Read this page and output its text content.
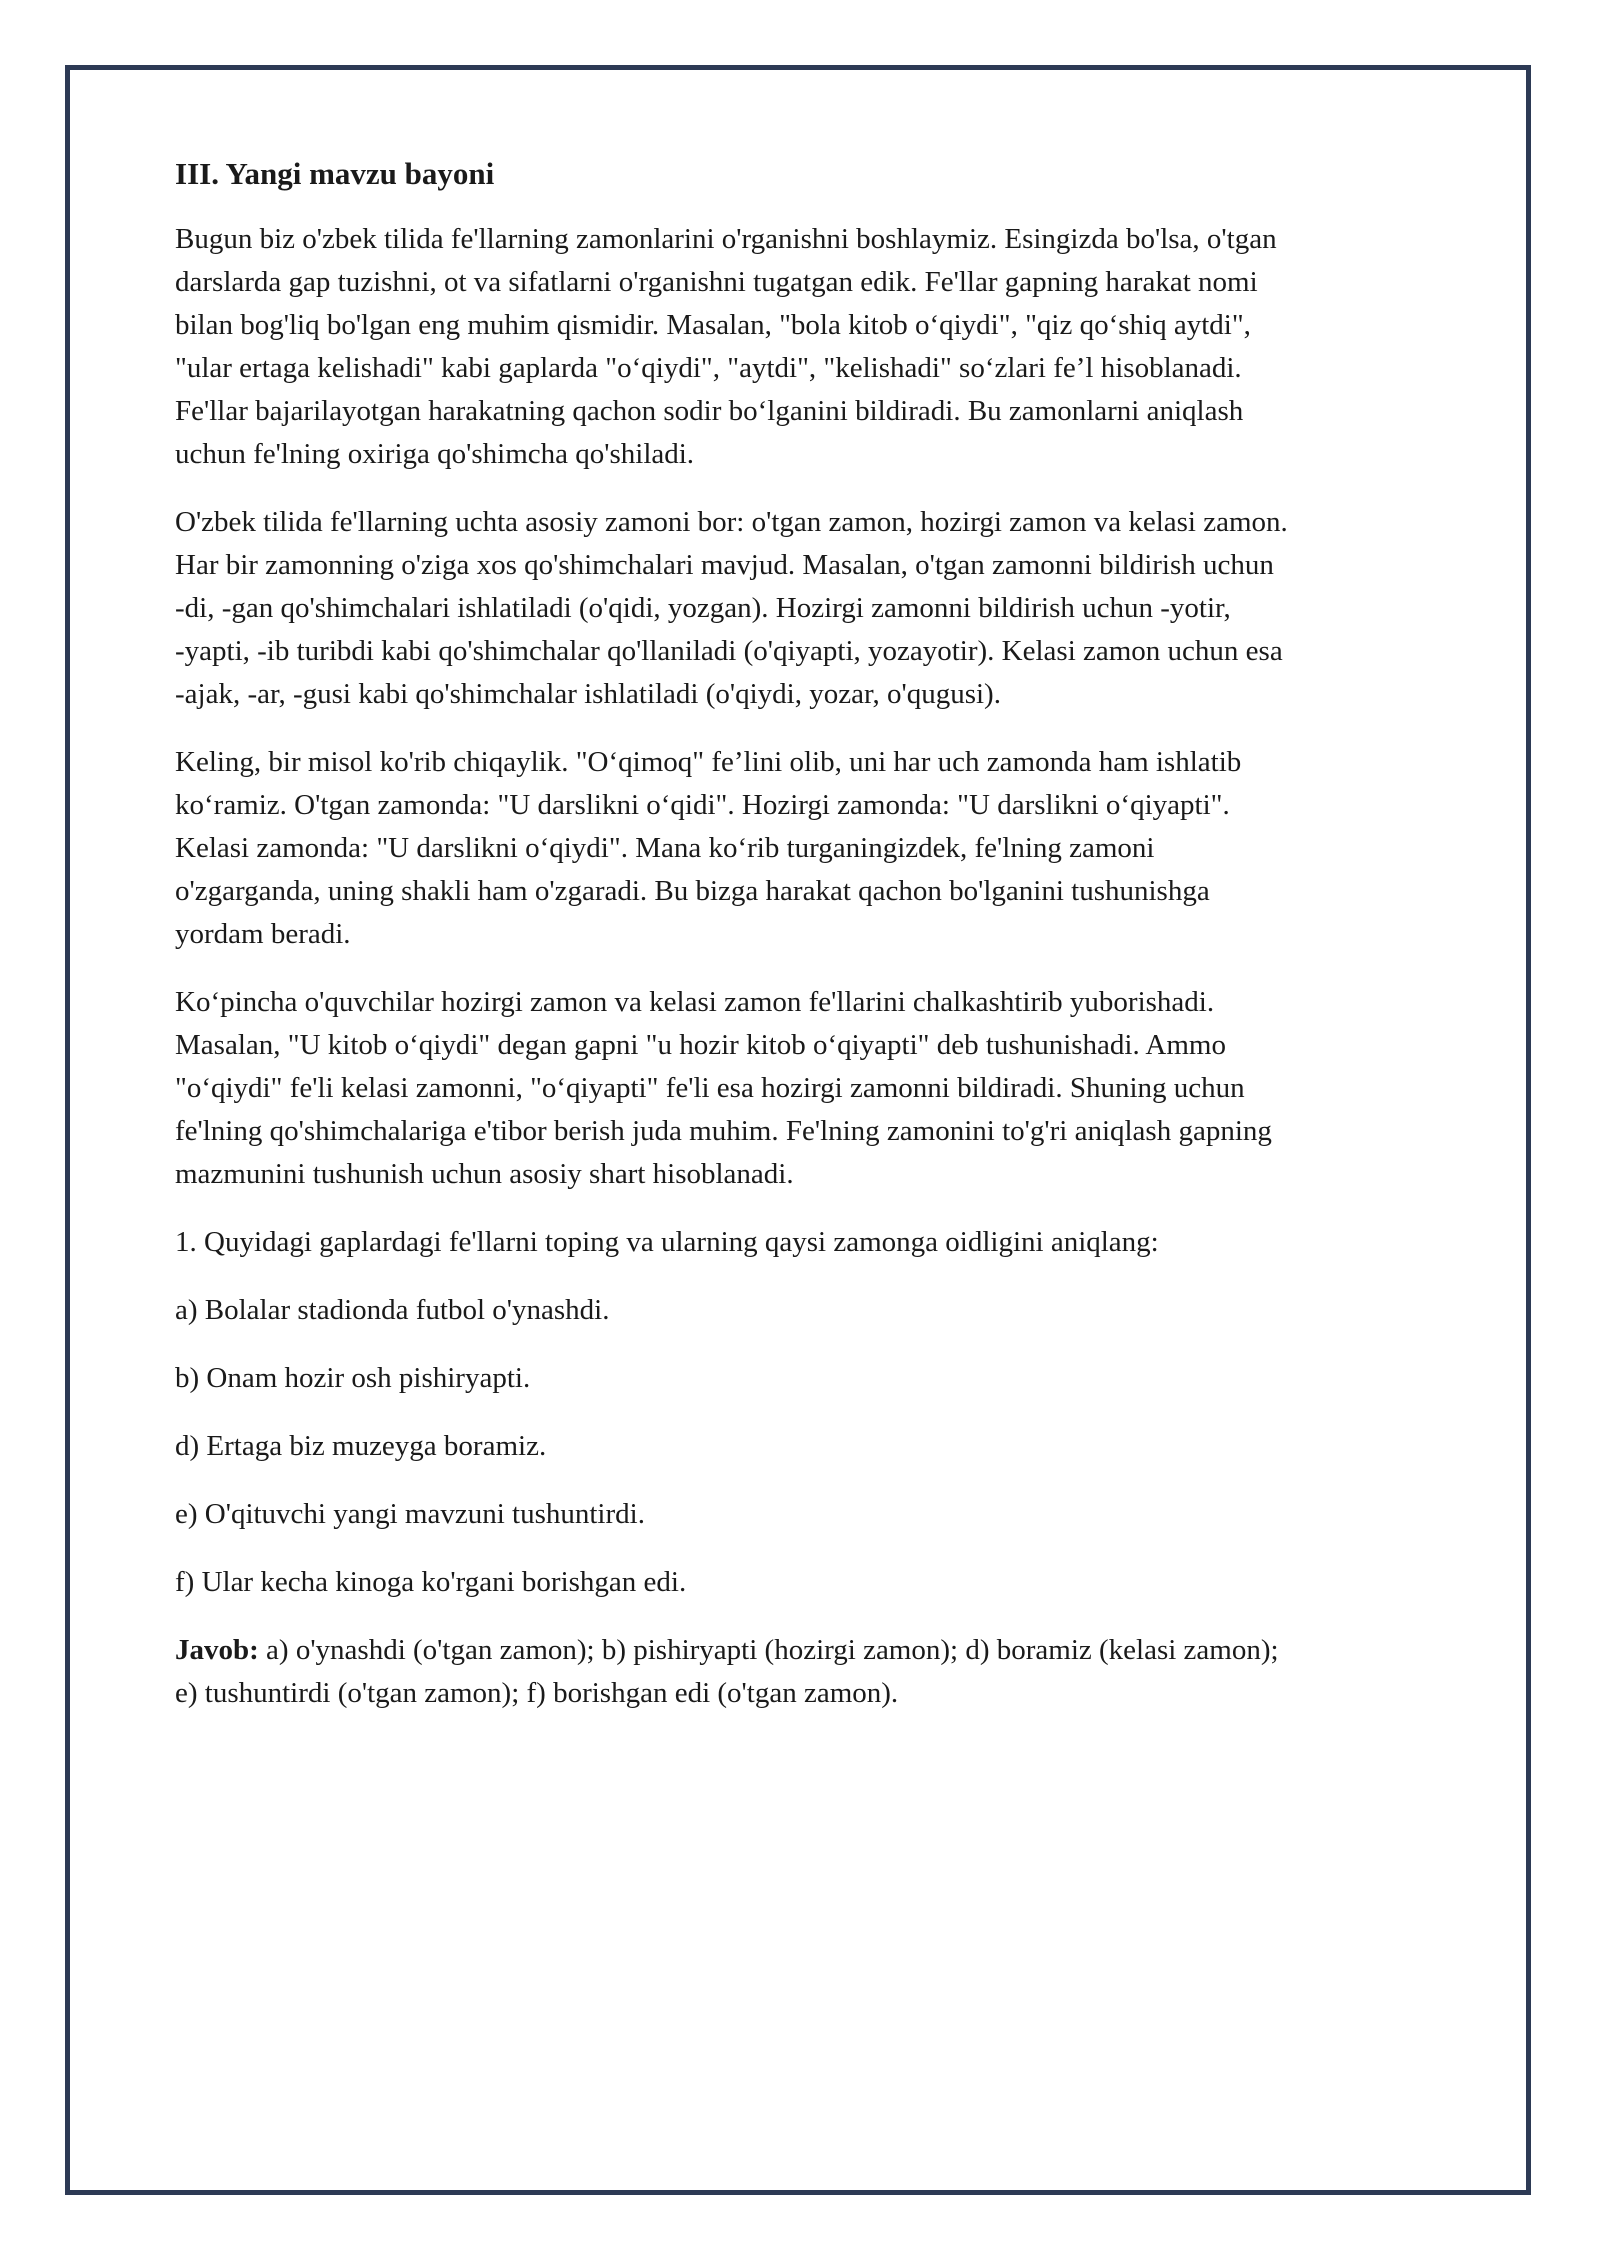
III. Yangi mavzu bayoni
Bugun biz o'zbek tilida fe'llarning zamonlarini o'rganishni boshlaymiz. Esingizda bo'lsa, o'tgan
darslarda gap tuzishni, ot va sifatlarni o'rganishni tugatgan edik. Fe'llar gapning harakat nomi
bilan bog'liq bo'lgan eng muhim qismidir. Masalan, "bola kitob o‘qiydi", "qiz qo‘shiq aytdi",
"ular ertaga kelishadi" kabi gaplarda "o‘qiydi", "aytdi", "kelishadi" so‘zlari fe’l hisoblanadi.
Fe'llar bajarilayotgan harakatning qachon sodir bo‘lganini bildiradi. Bu zamonlarni aniqlash
uchun fe'lning oxiriga qo'shimcha qo'shiladi.
O'zbek tilida fe'llarning uchta asosiy zamoni bor: o'tgan zamon, hozirgi zamon va kelasi zamon.
Har bir zamonning o'ziga xos qo'shimchalari mavjud. Masalan, o'tgan zamonni bildirish uchun
-di, -gan qo'shimchalari ishlatiladi (o'qidi, yozgan). Hozirgi zamonni bildirish uchun -yotir,
-yapti, -ib turibdi kabi qo'shimchalar qo'llaniladi (o'qiyapti, yozayotir). Kelasi zamon uchun esa
-ajak, -ar, -gusi kabi qo'shimchalar ishlatiladi (o'qiydi, yozar, o'qugusi).
Keling, bir misol ko'rib chiqaylik. "O‘qimoq" fe’lini olib, uni har uch zamonda ham ishlatib
ko‘ramiz. O'tgan zamonda: "U darslikni o‘qidi". Hozirgi zamonda: "U darslikni o‘qiyapti".
Kelasi zamonda: "U darslikni o‘qiydi". Mana ko‘rib turganingizdek, fe'lning zamoni
o'zgarganda, uning shakli ham o'zgaradi. Bu bizga harakat qachon bo'lganini tushunishga
yordam beradi.
Ko‘pincha o'quvchilar hozirgi zamon va kelasi zamon fe'llarini chalkashtirib yuborishadi.
Masalan, "U kitob o‘qiydi" degan gapni "u hozir kitob o‘qiyapti" deb tushunishadi. Ammo
"o‘qiydi" fe'li kelasi zamonni, "o‘qiyapti" fe'li esa hozirgi zamonni bildiradi. Shuning uchun
fe'lning qo'shimchalariga e'tibor berish juda muhim. Fe'lning zamonini to'g'ri aniqlash gapning
mazmunini tushunish uchun asosiy shart hisoblanadi.
1. Quyidagi gaplardagi fe'llarni toping va ularning qaysi zamonga oidligini aniqlang:
a) Bolalar stadionda futbol o'ynashdi.
b) Onam hozir osh pishiryapti.
d) Ertaga biz muzeyga boramiz.
e) O'qituvchi yangi mavzuni tushuntirdi.
f) Ular kecha kinoga ko'rgani borishgan edi.
Javob: a) o'ynashdi (o'tgan zamon); b) pishiryapti (hozirgi zamon); d) boramiz (kelasi zamon);
e) tushuntirdi (o'tgan zamon); f) borishgan edi (o'tgan zamon).
